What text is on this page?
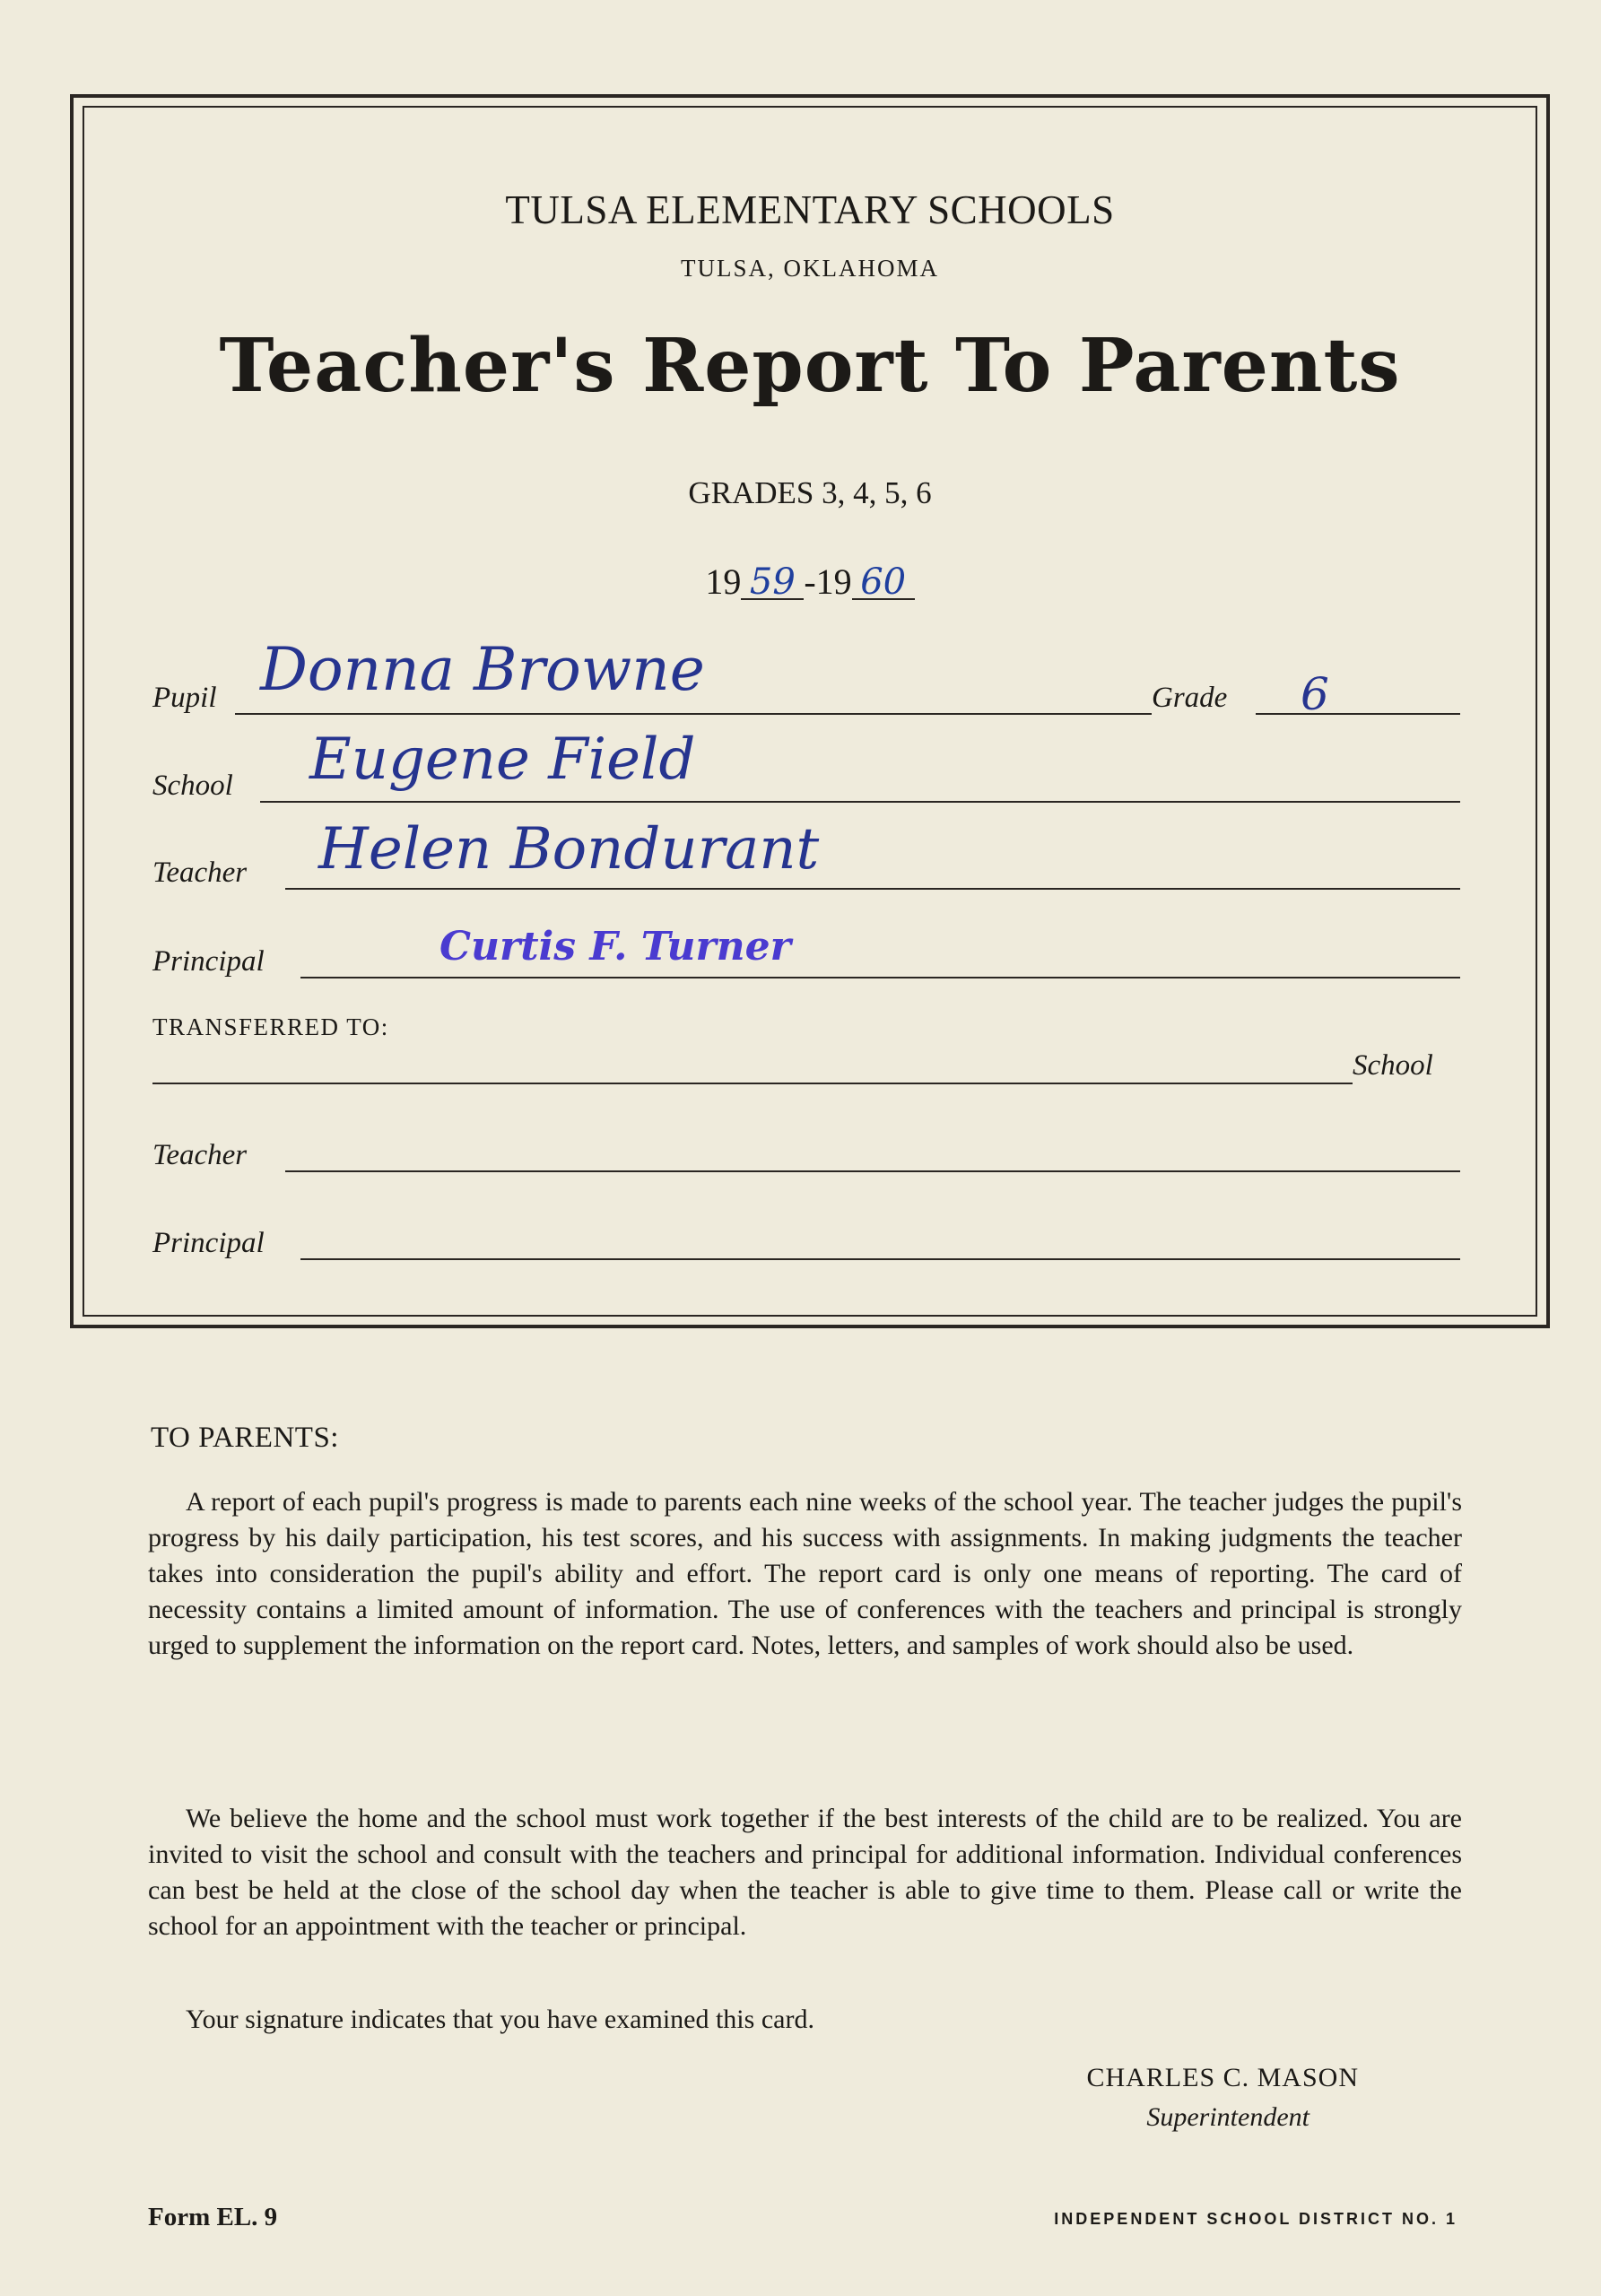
TULSA ELEMENTARY SCHOOLS
TULSA, OKLAHOMA
Teacher's Report To Parents
GRADES 3, 4, 5, 6
19 59 -19 60
Pupil Donna Browne	Grade 6
School Eugene Field
Teacher Helen Bondurant
Principal	Curtis F. Turner
TRANSFERRED TO:
School
Teacher
Principal
TO PARENTS:
A report of each pupil's progress is made to parents each nine weeks of the school year. The teacher judges the pupil's progress by his daily participation, his test scores, and his success with assignments. In making judgments the teacher takes into consideration the pupil's ability and effort. The report card is only one means of reporting. The card of necessity contains a limited amount of information. The use of conferences with the teachers and principal is strongly urged to supplement the information on the report card. Notes, letters, and samples of work should also be used.
We believe the home and the school must work together if the best interests of the child are to be realized. You are invited to visit the school and consult with the teachers and principal for additional information. Individual conferences can best be held at the close of the school day when the teacher is able to give time to them. Please call or write the school for an appointment with the teacher or principal.
Your signature indicates that you have examined this card.
CHARLES C. MASON
Superintendent
Form EL. 9	INDEPENDENT SCHOOL DISTRICT NO. 1
